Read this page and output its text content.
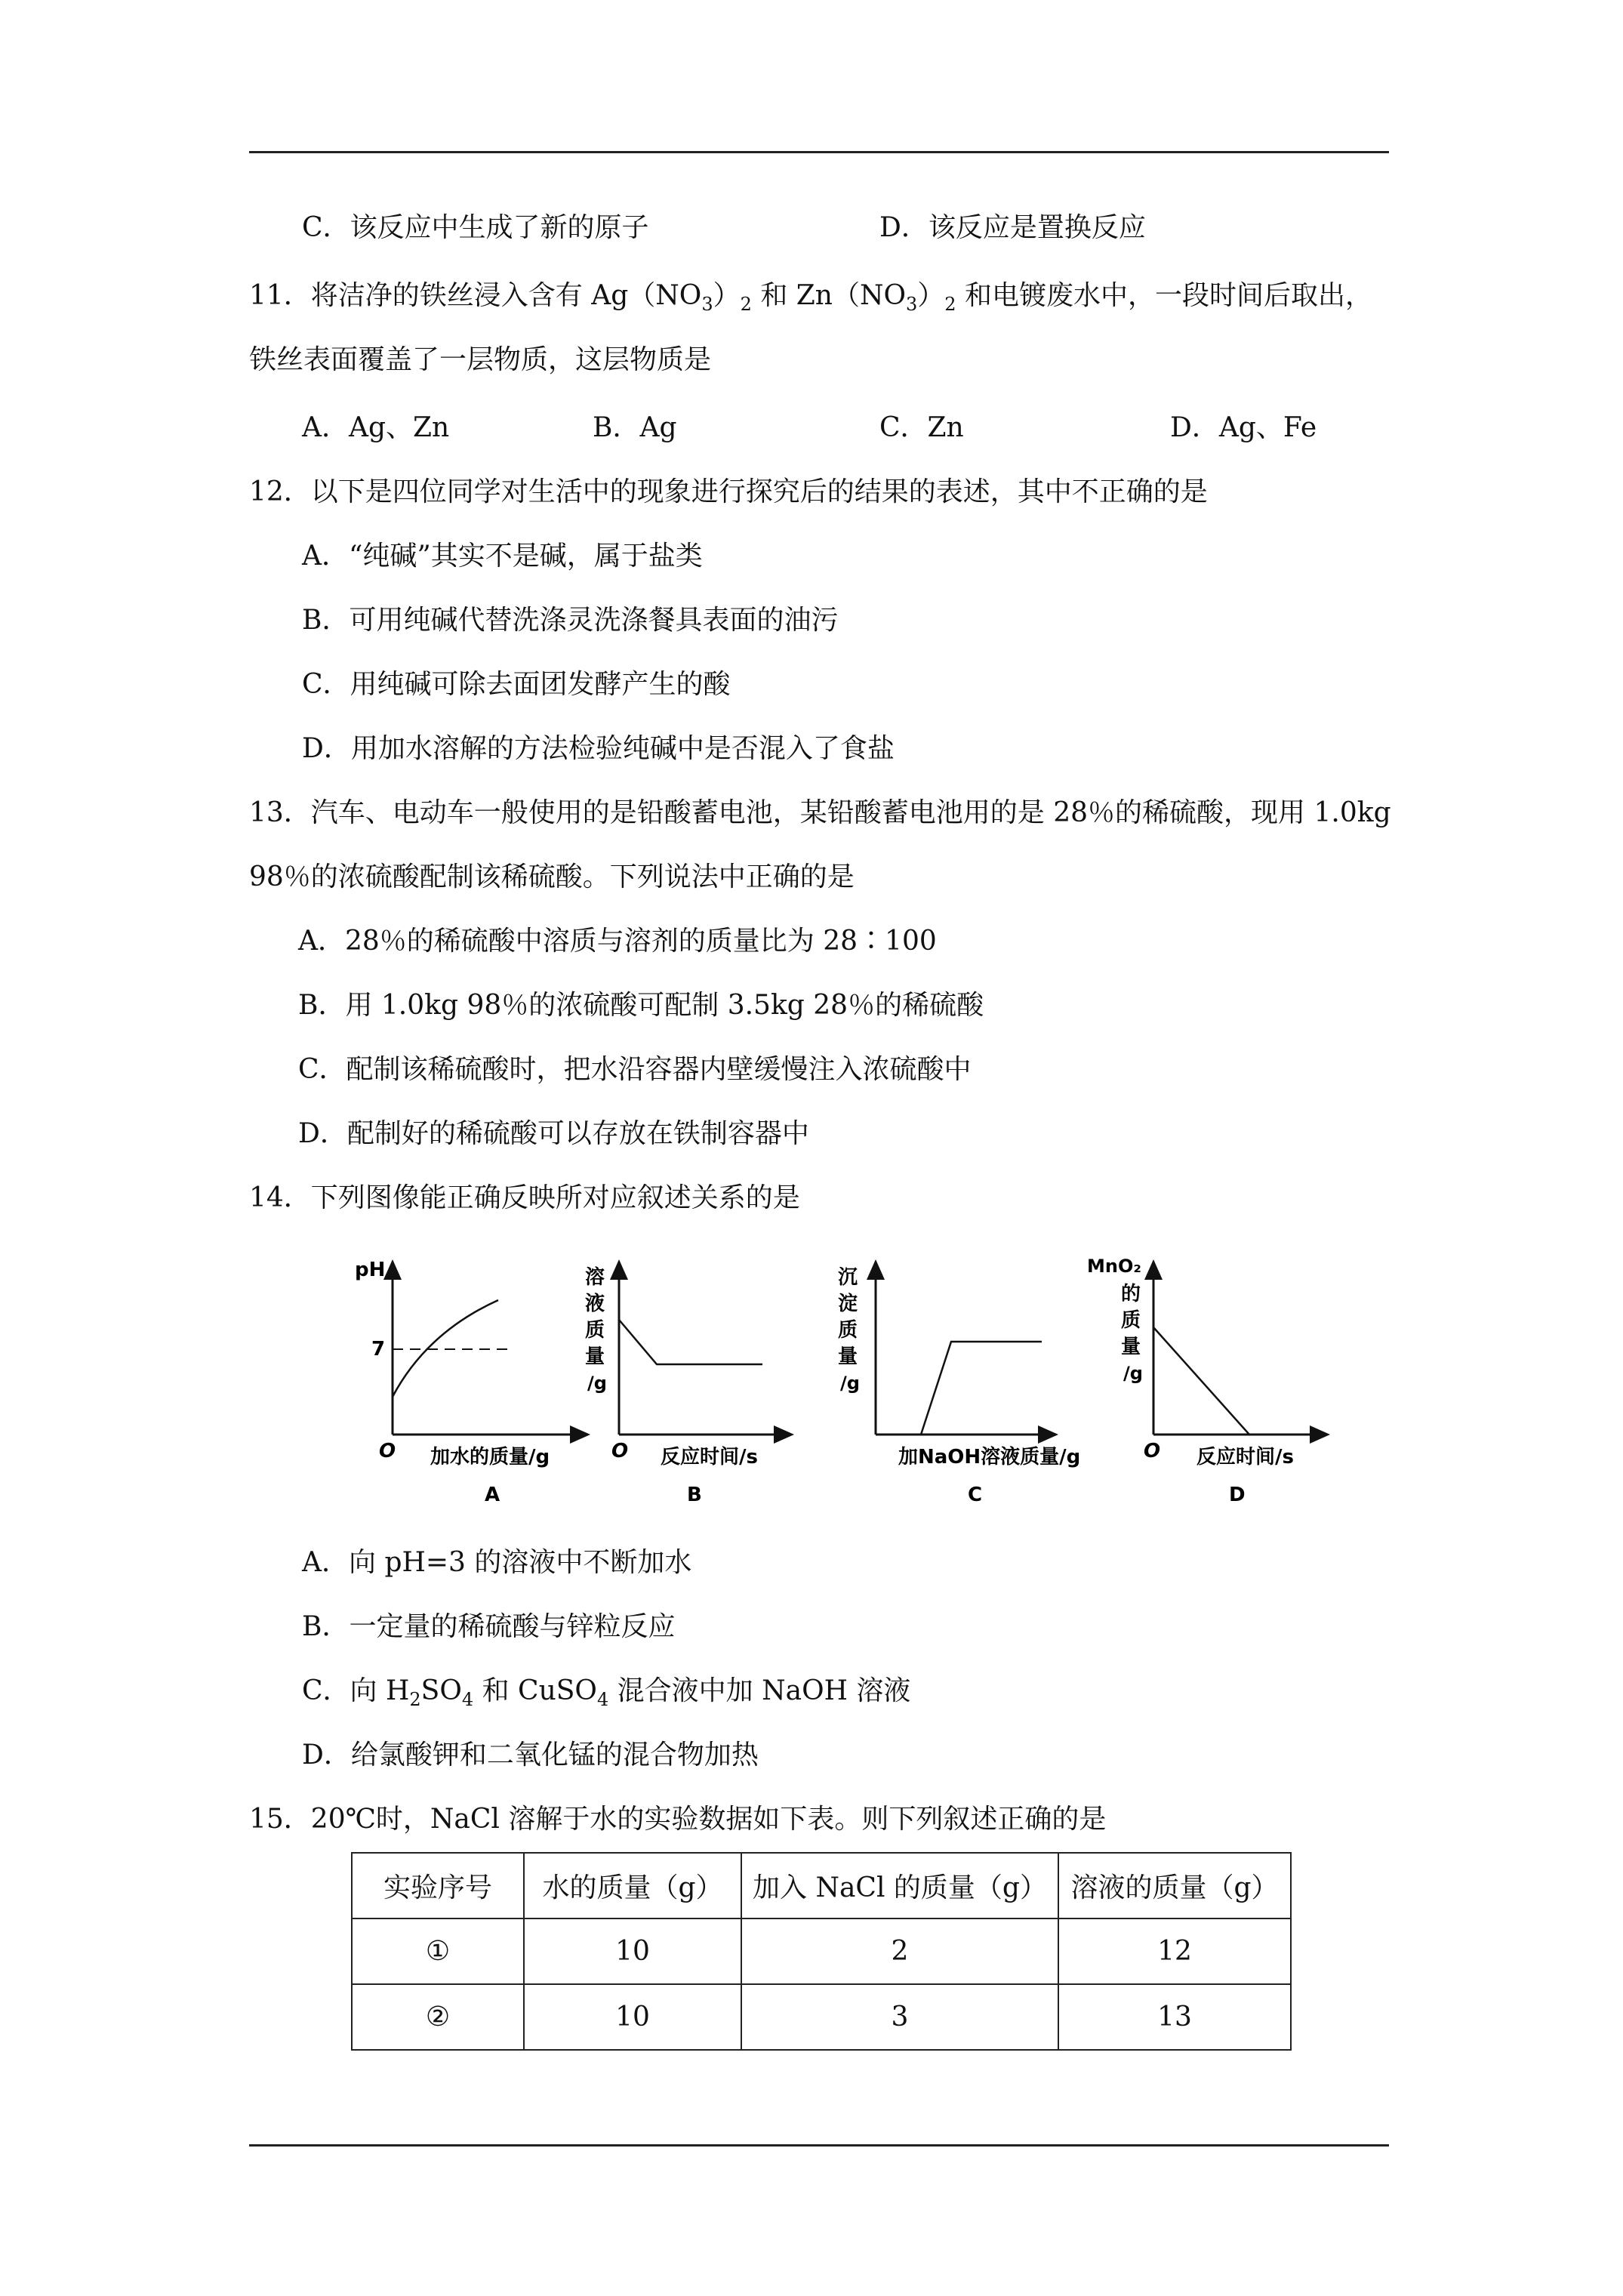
C．该反应中生成了新的原子	D．该反应是置换反应
11．将洁净的铁丝浸入含有 $Ag(NO_3)_2$ 和 $Zn(NO_3)_2$ 和电镀废水中，一段时间后取出，
铁丝表面覆盖了一层物质，这层物质是
A．Ag、Zn	B．Ag	C．Zn	D．Ag、Fe
12．以下是四位同学对生活中的现象进行探究后的结果的表述，其中不正确的是
A．“纯碱”其实不是碱，属于盐类
B．可用纯碱代替洗涤灵洗涤餐具表面的油污
C．用纯碱可除去面团发酵产生的酸
D．用加水溶解的方法检验纯碱中是否混入了食盐
13．汽车、电动车一般使用的是铅酸蓄电池，某铅酸蓄电池用的是 28％的稀硫酸，现用 1.0kg
98％的浓硫酸配制该稀硫酸。下列说法中正确的是
A．28％的稀硫酸中溶质与溶剂的质量比为 28∶100
B．用 1.0kg 98％的浓硫酸可配制 3.5kg 28％的稀硫酸
C．配制该稀硫酸时，把水沿容器内壁缓慢注入浓硫酸中
D．配制好的稀硫酸可以存放在铁制容器中
14．下列图像能正确反映所对应叙述关系的是
pH
7
O 加水的质量/g
A
溶
液
质
量
/g
O 反应时间/s
B
沉
淀
质
量
/g
加NaOH溶液质量/g
C
MnO₂
的
质
量
/g
O 反应时间/s
D
A．向 pH=3 的溶液中不断加水
B．一定量的稀硫酸与锌粒反应
C．向 $H_2SO_4$ 和 CuSO$_4$ 混合液中加 NaOH 溶液
D．给氯酸钾和二氧化锰的混合物加热
15．20℃时，NaCl 溶解于水的实验数据如下表。则下列叙述正确的是
实验序号	水的质量（g）	加入 NaCl 的质量（g）	溶液的质量（g）
①	10	2	12
②	10	3	13
